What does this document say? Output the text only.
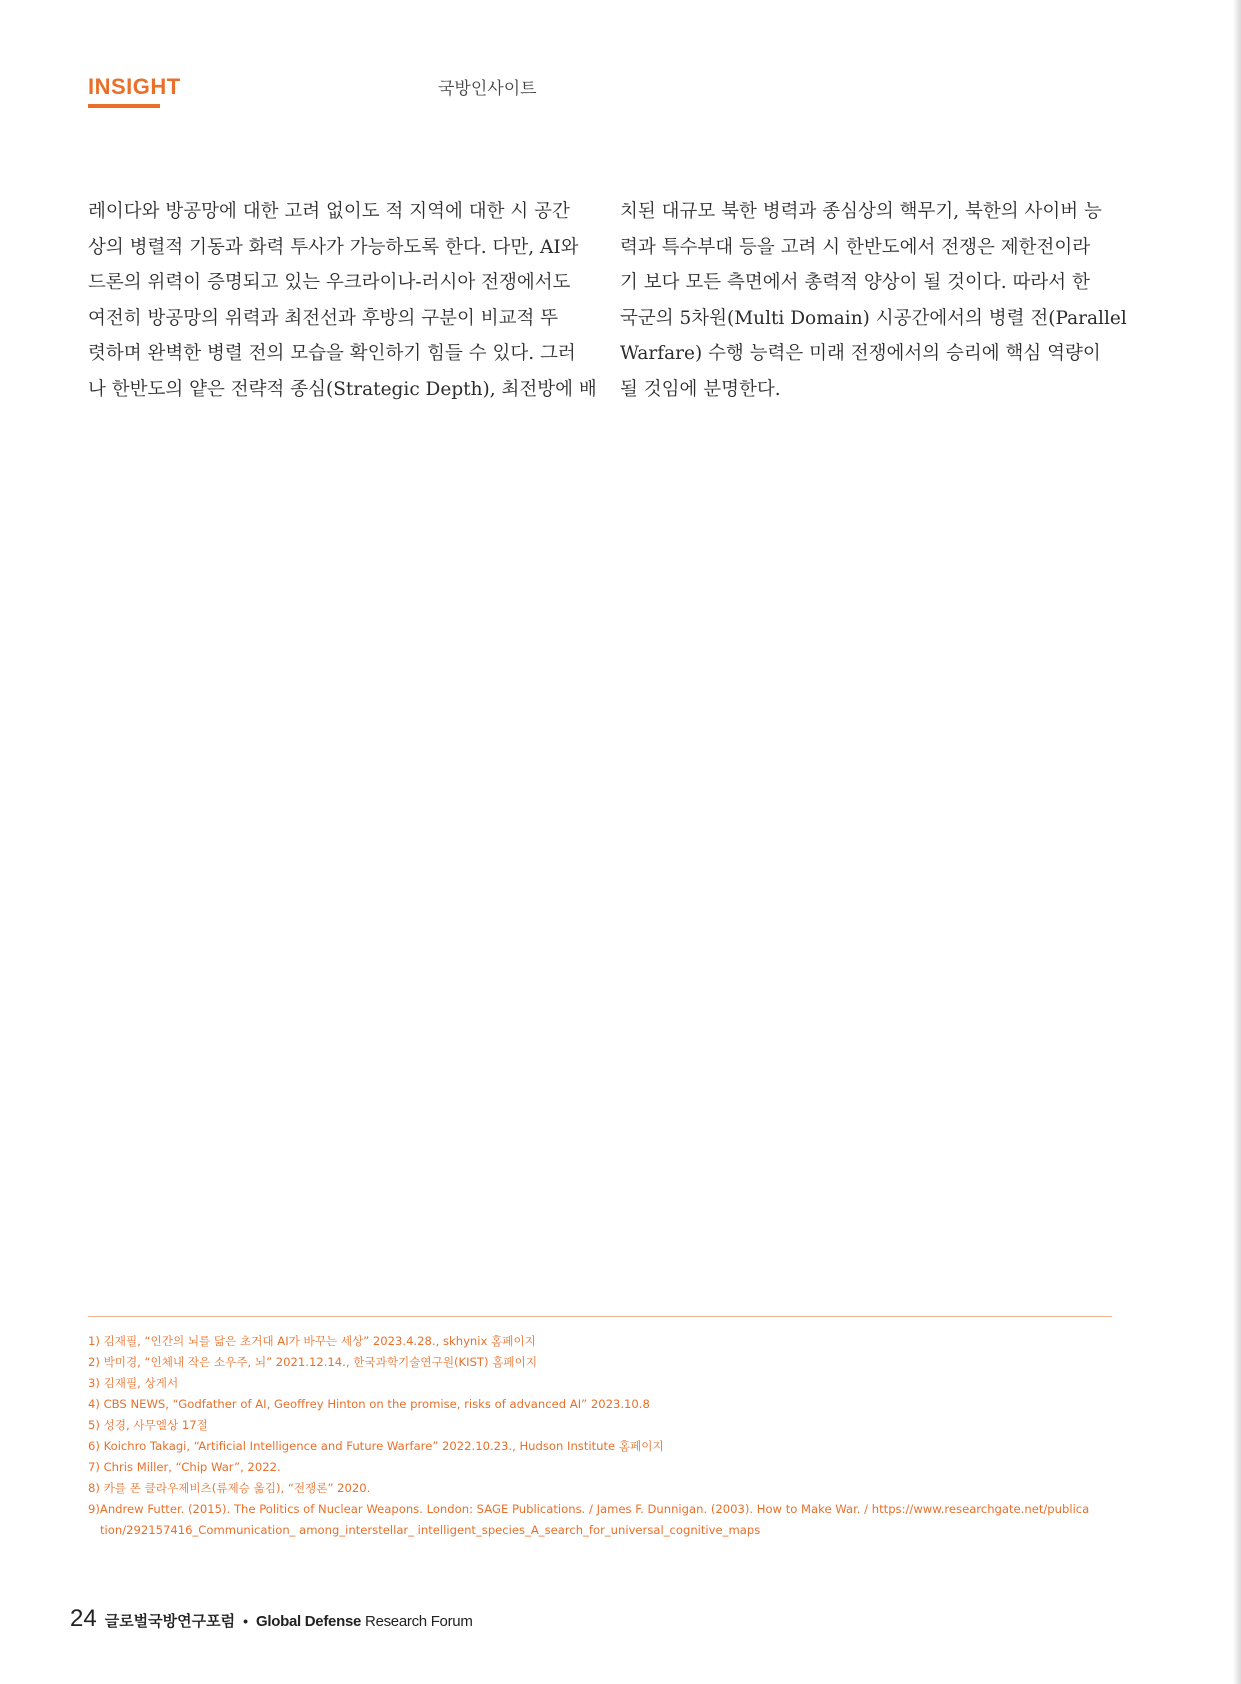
INSIGHT	국방인사이트
레이다와 방공망에 대한 고려 없이도 적 지역에 대한 시 공간
상의 병렬적 기동과 화력 투사가 가능하도록 한다. 다만, AI와
드론의 위력이 증명되고 있는 우크라이나-러시아 전쟁에서도
여전히 방공망의 위력과 최전선과 후방의 구분이 비교적 뚜
렷하며 완벽한 병렬 전의 모습을 확인하기 힘들 수 있다. 그러
나 한반도의 얕은 전략적 종심(Strategic Depth), 최전방에 배
치된 대규모 북한 병력과 종심상의 핵무기, 북한의 사이버 능
력과 특수부대 등을 고려 시 한반도에서 전쟁은 제한전이라
기 보다 모든 측면에서 총력적 양상이 될 것이다. 따라서 한
국군의 5차원(Multi Domain) 시공간에서의 병렬 전(Parallel
Warfare) 수행 능력은 미래 전쟁에서의 승리에 핵심 역량이
될 것임에 분명한다.
1) 김재필, “인간의 뇌를 닮은 초거대 AI가 바꾸는 세상” 2023.4.28., skhynix 홈페이지
2) 박미경, “인체내 작은 소우주, 뇌” 2021.12.14., 한국과학기술연구원(KIST) 홈페이지
3) 김재필, 상게서
4) CBS NEWS, “Godfather of AI, Geoffrey Hinton on the promise, risks of advanced AI” 2023.10.8
5) 성경, 사무엘상 17절
6) Koichro Takagi, “Artificial Intelligence and Future Warfare” 2022.10.23., Hudson Institute 홈페이지
7) Chris Miller, “Chip War”, 2022.
8) 카를 폰 클라우제비츠(류제승 옮김), “전쟁론” 2020.
9)Andrew Futter. (2015). The Politics of Nuclear Weapons. London: SAGE Publications. / James F. Dunnigan. (2003). How to Make War. / https://www.researchgate.net/publica
tion/292157416_Communication_ among_interstellar_ intelligent_species_A_search_for_universal_cognitive_maps
24 글로벌국방연구포럼 • Global Defense Research Forum
